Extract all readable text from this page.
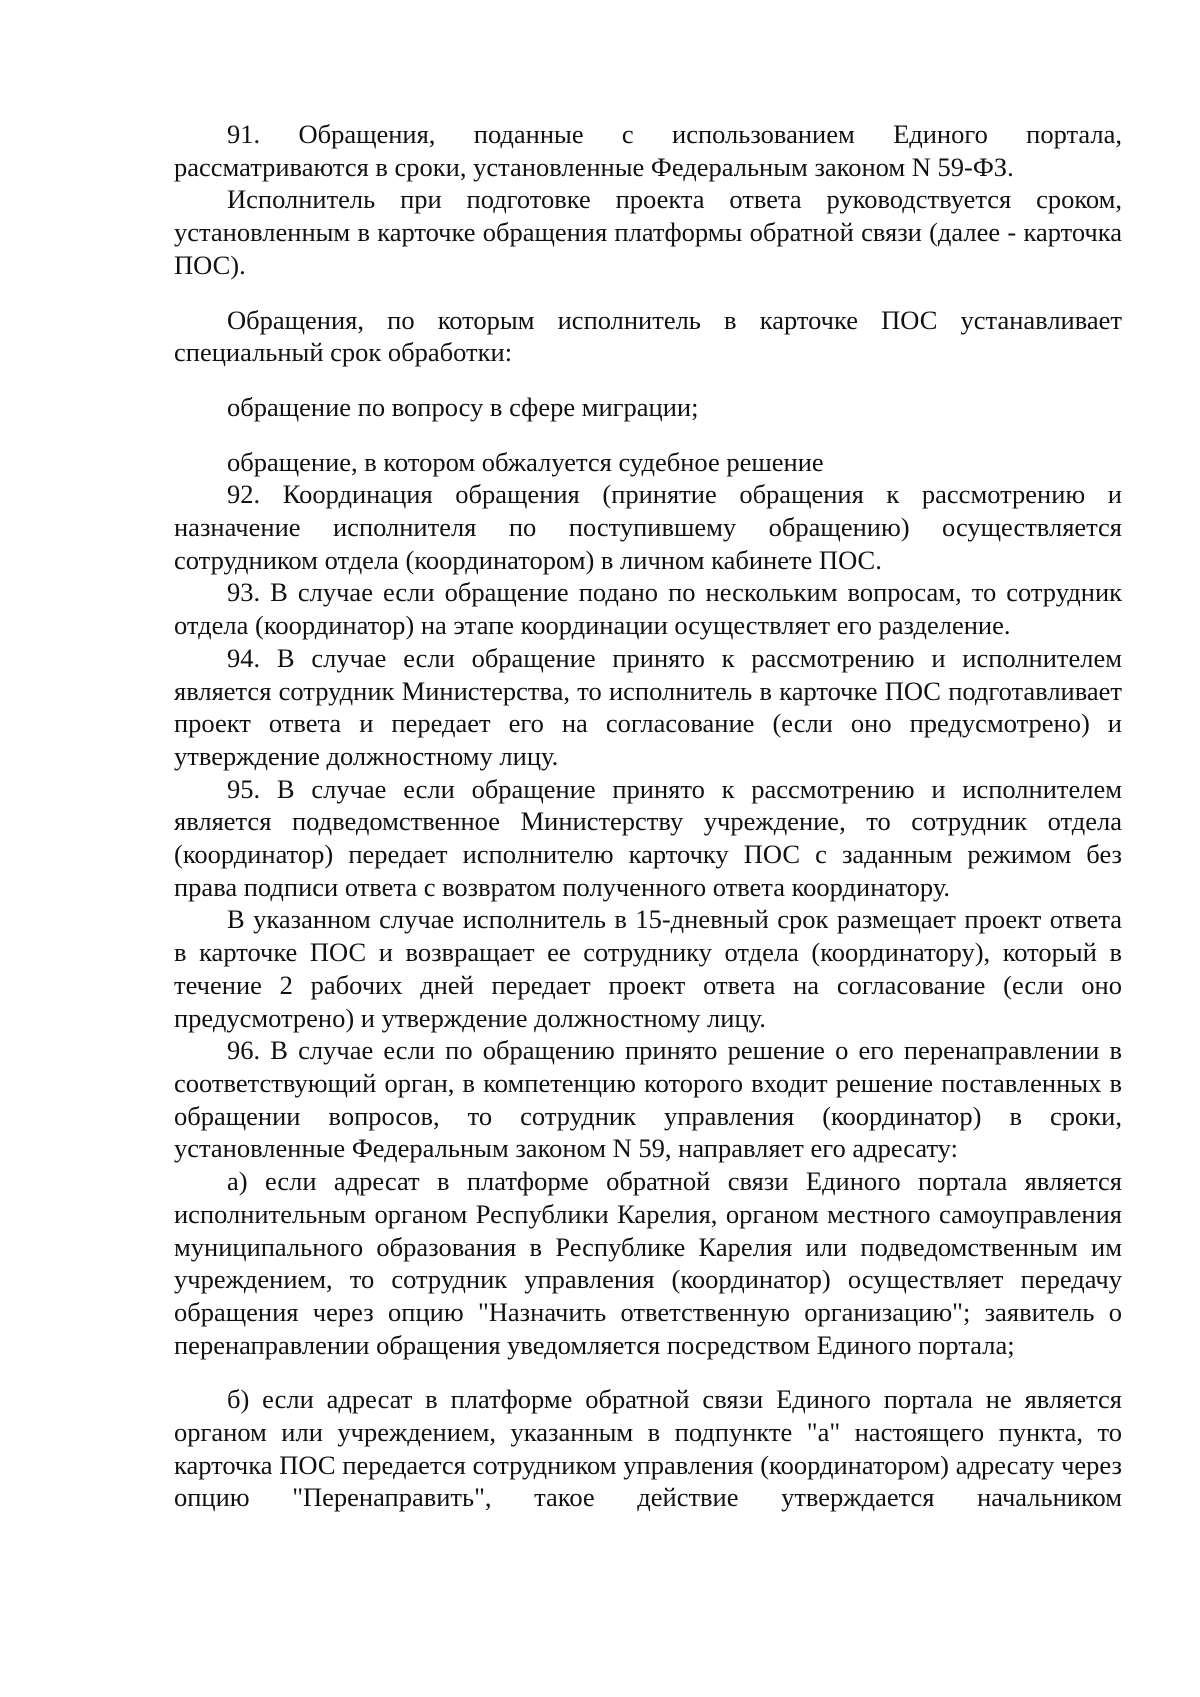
91. Обращения, поданные с использованием Единого портала, рассматриваются в сроки, установленные Федеральным законом N 59-ФЗ.

Исполнитель при подготовке проекта ответа руководствуется сроком, установленным в карточке обращения платформы обратной связи (далее - карточка ПОС).

Обращения, по которым исполнитель в карточке ПОС устанавливает специальный срок обработки:

обращение по вопросу в сфере миграции;

обращение, в котором обжалуется судебное решение

92. Координация обращения (принятие обращения к рассмотрению и назначение исполнителя по поступившему обращению) осуществляется сотрудником отдела (координатором) в личном кабинете ПОС.

93. В случае если обращение подано по нескольким вопросам, то сотрудник отдела (координатор) на этапе координации осуществляет его разделение.

94. В случае если обращение принято к рассмотрению и исполнителем является сотрудник Министерства, то исполнитель в карточке ПОС подготавливает проект ответа и передает его на согласование (если оно предусмотрено) и утверждение должностному лицу.

95. В случае если обращение принято к рассмотрению и исполнителем является подведомственное Министерству учреждение, то сотрудник отдела (координатор) передает исполнителю карточку ПОС с заданным режимом без права подписи ответа с возвратом полученного ответа координатору.

В указанном случае исполнитель в 15-дневный срок размещает проект ответа в карточке ПОС и возвращает ее сотруднику отдела (координатору), который в течение 2 рабочих дней передает проект ответа на согласование (если оно предусмотрено) и утверждение должностному лицу.

96. В случае если по обращению принято решение о его перенаправлении в соответствующий орган, в компетенцию которого входит решение поставленных в обращении вопросов, то сотрудник управления (координатор) в сроки, установленные Федеральным законом N 59, направляет его адресату:

а) если адресат в платформе обратной связи Единого портала является исполнительным органом Республики Карелия, органом местного самоуправления муниципального образования в Республике Карелия или подведомственным им учреждением, то сотрудник управления (координатор) осуществляет передачу обращения через опцию "Назначить ответственную организацию"; заявитель о перенаправлении обращения уведомляется посредством Единого портала;

б) если адресат в платформе обратной связи Единого портала не является органом или учреждением, указанным в подпункте "а" настоящего пункта, то карточка ПОС передается сотрудником управления (координатором) адресату через опцию "Перенаправить", такое действие утверждается начальником
